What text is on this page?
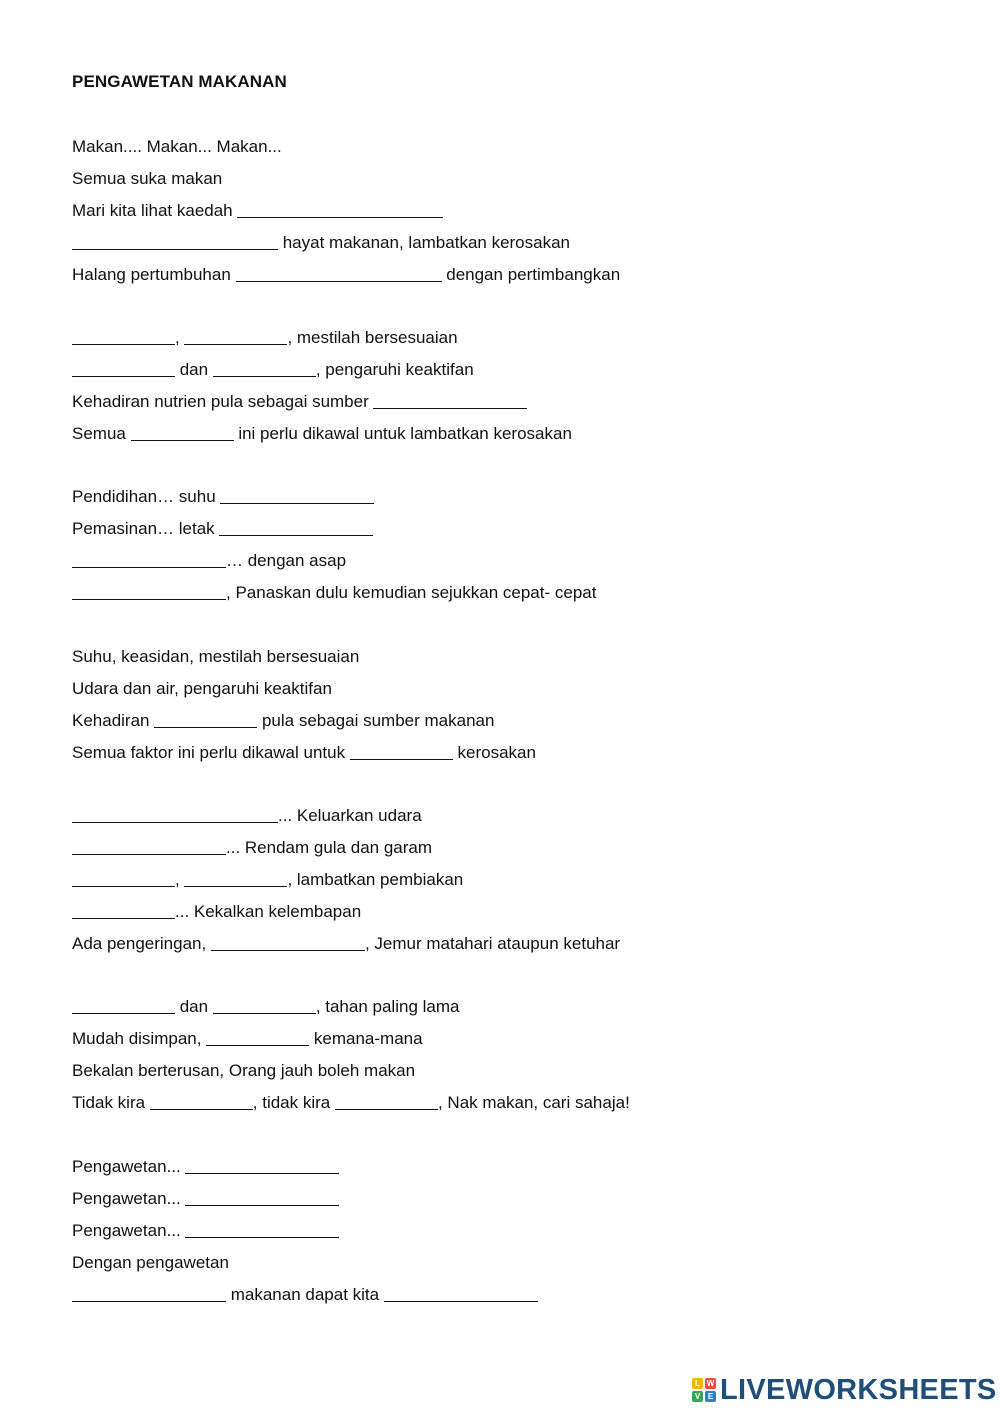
PENGAWETAN MAKANAN
Makan.... Makan... Makan...
Semua suka makan
Mari kita lihat kaedah
hayat makanan, lambatkan kerosakan
Halang pertumbuhan	dengan pertimbangkan
,	, mestilah bersesuaian
dan	, pengaruhi keaktifan
Kehadiran nutrien pula sebagai sumber
Semua	ini perlu dikawal untuk lambatkan kerosakan
Pendidihan… suhu
Pemasinan… letak
… dengan asap
, Panaskan dulu kemudian sejukkan cepat- cepat
Suhu, keasidan, mestilah bersesuaian
Udara dan air, pengaruhi keaktifan
Kehadiran	pula sebagai sumber makanan
Semua faktor ini perlu dikawal untuk	kerosakan
... Keluarkan udara
... Rendam gula dan garam
,	, lambatkan pembiakan
... Kekalkan kelembapan
Ada pengeringan,	, Jemur matahari ataupun ketuhar
dan	, tahan paling lama
Mudah disimpan,	kemana-mana
Bekalan berterusan, Orang jauh boleh makan
Tidak kira	, tidak kira	, Nak makan, cari sahaja!
Pengawetan...
Pengawetan...
Pengawetan...
Dengan pengawetan
makanan dapat kita
L W
V E LIVEWORKSHEETS
